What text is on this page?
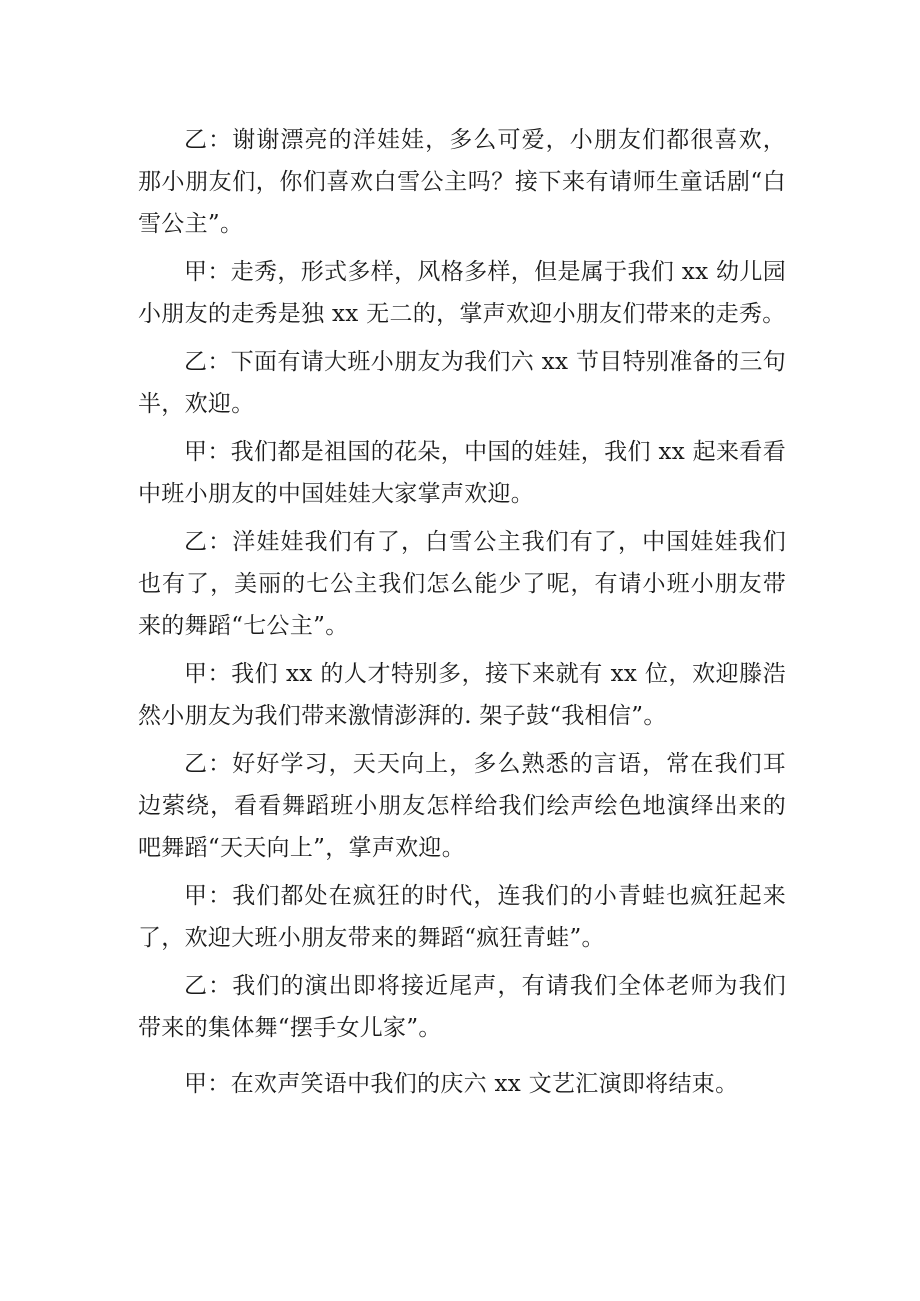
乙：谢谢漂亮的洋娃娃，多么可爱，小朋友们都很喜欢，那小朋友们，你们喜欢白雪公主吗？接下来有请师生童话剧“白雪公主”。

甲：走秀，形式多样，风格多样，但是属于我们 xx 幼儿园小朋友的走秀是独 xx 无二的，掌声欢迎小朋友们带来的走秀。

乙：下面有请大班小朋友为我们六 xx 节目特别准备的三句半，欢迎。

甲：我们都是祖国的花朵，中国的娃娃，我们 xx 起来看看中班小朋友的中国娃娃大家掌声欢迎。

乙：洋娃娃我们有了，白雪公主我们有了，中国娃娃我们也有了，美丽的七公主我们怎么能少了呢，有请小班小朋友带来的舞蹈“七公主”。

甲：我们 xx 的人才特别多，接下来就有 xx 位，欢迎滕浩然小朋友为我们带来激情澎湃的. 架子鼓“我相信”。

乙：好好学习，天天向上，多么熟悉的言语，常在我们耳边萦绕，看看舞蹈班小朋友怎样给我们绘声绘色地演绎出来的吧舞蹈“天天向上”，掌声欢迎。

甲：我们都处在疯狂的时代，连我们的小青蛙也疯狂起来了，欢迎大班小朋友带来的舞蹈“疯狂青蛙”。

乙：我们的演出即将接近尾声，有请我们全体老师为我们带来的集体舞“摆手女儿家”。

甲：在欢声笑语中我们的庆六 xx 文艺汇演即将结束。
